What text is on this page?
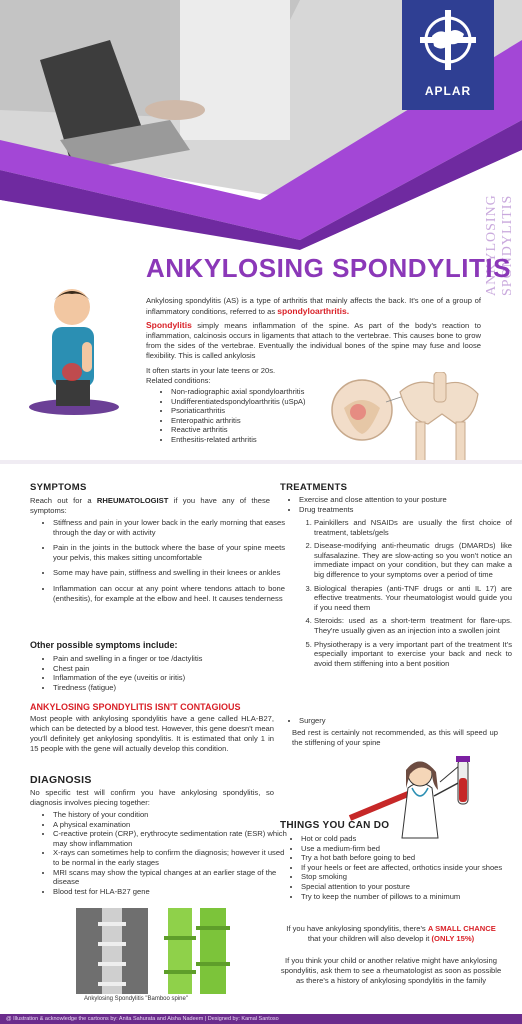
APLAR
ANKYLOSING SPONDYLITIS
ANKYLOSING SPONDYLITIS
Ankylosing spondylitis (AS) is a type of arthritis that mainly affects the back. It's one of a group of inflammatory conditions, referred to as spondyloarthritis.
Spondylitis simply means inflammation of the spine. As part of the body's reaction to inflammation, calcinosis occurs in ligaments that attach to the vertebrae. This causes bone to grow from the sides of the vertebrae. Eventually the individual bones of the spine may fuse and loose flexibility. This is called ankylosis
It often starts in your late teens or 20s.
Related conditions:
• Non-radiographic axial spondyloarthritis
• Undifferentiatedspondyloarthritis (uSpA)
• Psoriaticarthritis
• Enteropathic arthritis
• Reactive arthritis
• Enthesitis-related arthritis
SYMPTOMS
Reach out for a RHEUMATOLOGIST if you have any of these symptoms:
• Stiffness and pain in your lower back in the early morning that eases through the day or with activity
• Pain in the joints in the buttock where the base of your spine meets your pelvis, this makes sitting uncomfortable
• Some may have pain, stiffness and swelling in their knees or ankles
• Inflammation can occur at any point where tendons attach to bone (enthesitis), for example at the elbow and heel. It causes tenderness
Other possible symptoms include:
• Pain and swelling in a finger or toe /dactylitis
• Chest pain
• Inflammation of the eye (uveitis or iritis)
• Tiredness (fatigue)
ANKYLOSING SPONDYLITIS ISN'T CONTAGIOUS
Most people with ankylosing spondylitis have a gene called HLA-B27, which can be detected by a blood test. However, this gene doesn't mean you'll definitely get ankylosing spondylitis. It is estimated that only 1 in 15 people with the gene will actually develop this condition.
DIAGNOSIS
No specific test will confirm you have ankylosing spondylitis, so diagnosis involves piecing together:
• The history of your condition
• A physical examination
• C-reactive protein (CRP), erythrocyte sedimentation rate (ESR) which may show inflammation
• X-rays can sometimes help to confirm the diagnosis; however it used to be normal in the early stages
• MRI scans may show the typical changes at an earlier stage of the disease
• Blood test for HLA-B27 gene
Ankylosing Spondylitis "Bamboo spine"
TREATMENTS
• Exercise and close attention to your posture
• Drug treatments
1. Painkillers and NSAIDs are usually the first choice of treatment, tablets/gels
2. Disease-modifying anti-rheumatic drugs (DMARDs) like sulfasalazine. They are slow-acting so you won't notice an immediate impact on your condition, but they can make a big difference to your symptoms over a period of time
3. Biological therapies (anti-TNF drugs or anti IL 17) are effective treatments. Your rheumatologist would guide you if you need them
4. Steroids: used as a short-term treatment for flare-ups. They're usually given as an injection into a swollen joint
5. Physiotherapy is a very important part of the treatment It's especially important to exercise your back and neck to avoid them stiffening into a bent position
• Surgery
Bed rest is certainly not recommended, as this will speed up the stiffening of your spine
THINGS YOU CAN DO
• Hot or cold pads
• Use a medium-firm bed
• Try a hot bath before going to bed
• If your heels or feet are affected, orthotics inside your shoes
• Stop smoking
• Special attention to your posture
• Try to keep the number of pillows to a minimum
If you have ankylosing spondylitis, there's A SMALL CHANCE that your children will also develop it (ONLY 15%)
If you think your child or another relative might have ankylosing spondylitis, ask them to see a rheumatologist as soon as possible as there's a history of ankylosing spondylitis in the family
@ Illustration & acknowledge the cartoons by: Anita Sahurata and Aisha Nadeem | Designed by: Kamal Santoso
